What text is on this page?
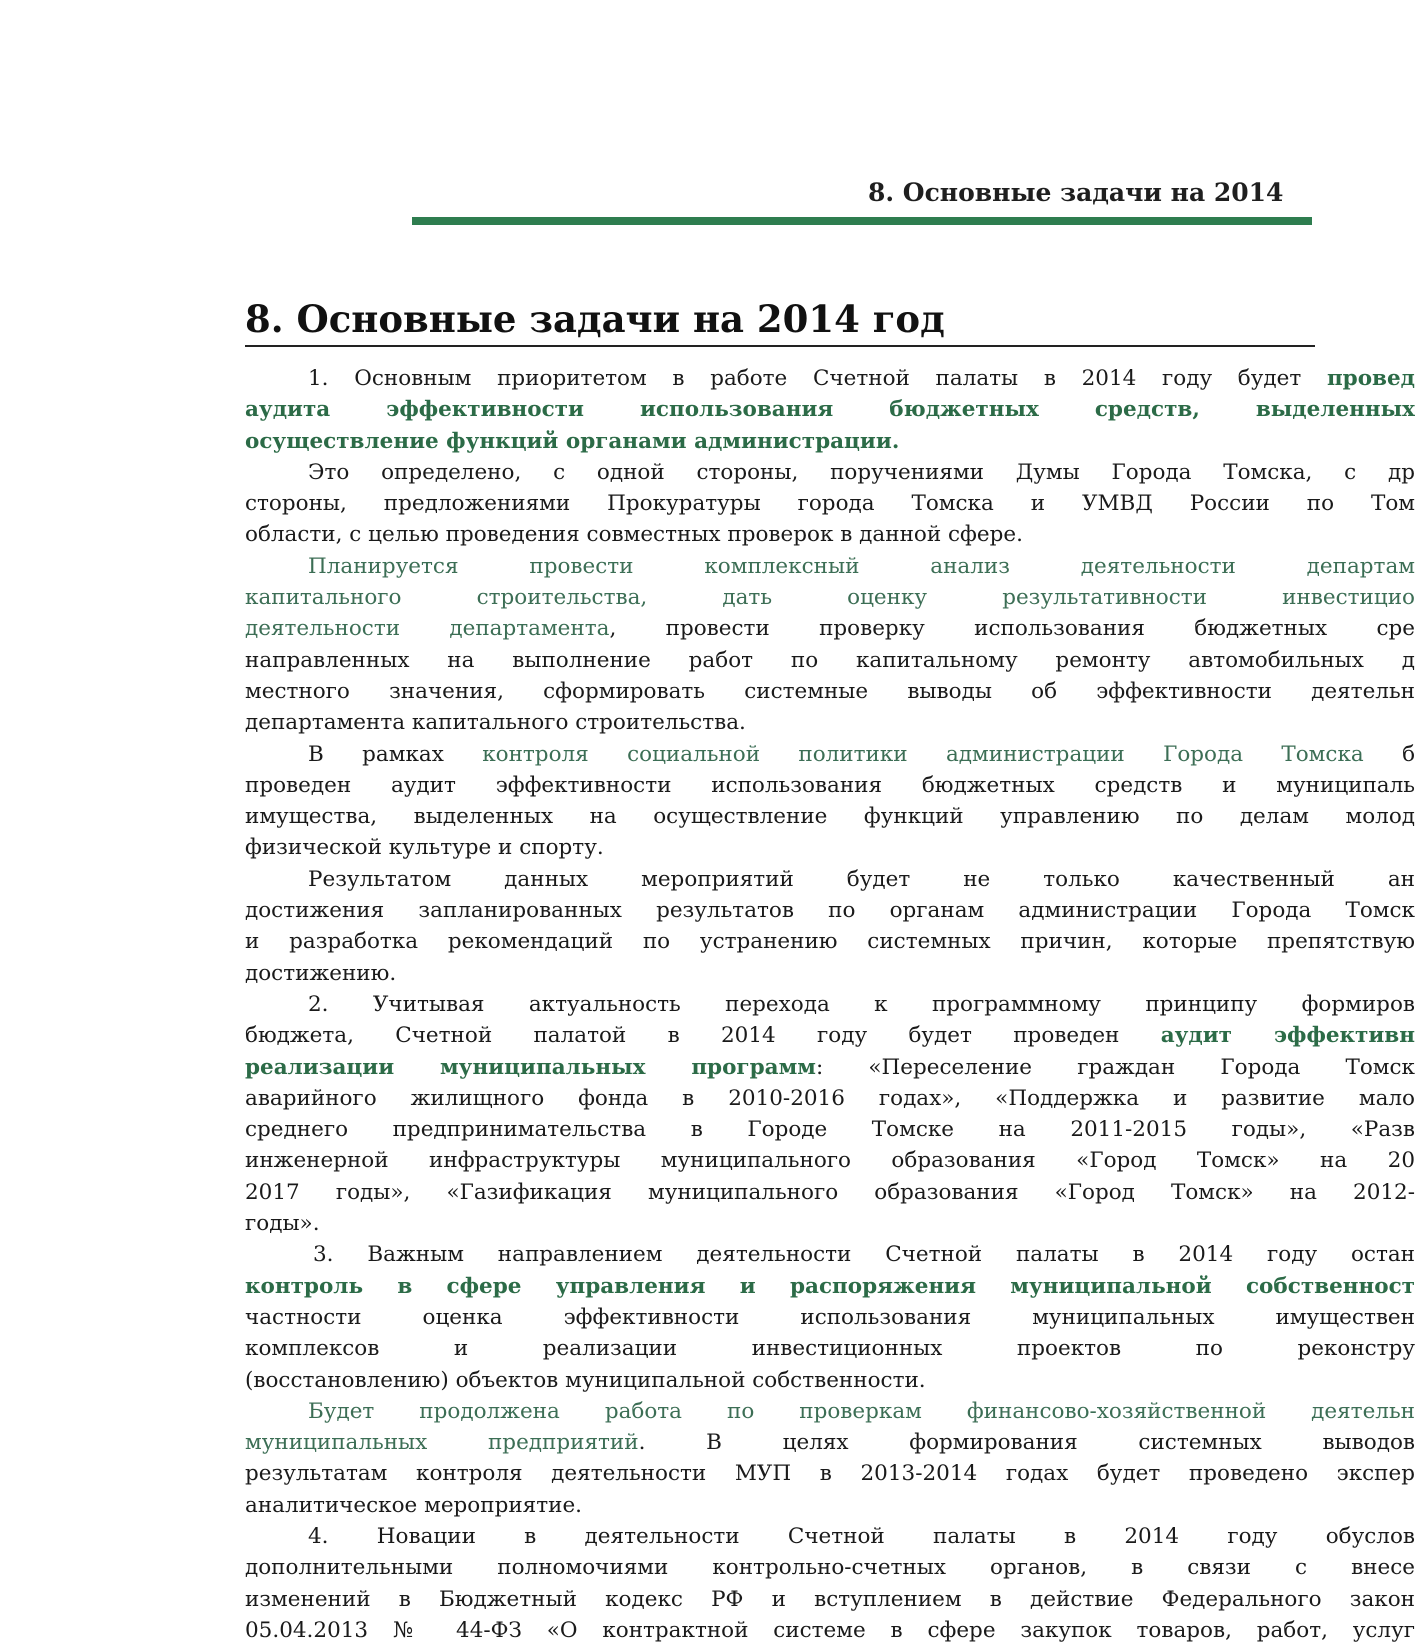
8. Основные задачи на 2014
8. Основные задачи на 2014 год
1. Основным приоритетом в работе Счетной палаты в 2014 году будет провед
аудита эффективности использования бюджетных средств, выделенных
осуществление функций органами администрации.
Это определено, с одной стороны, поручениями Думы Города Томска, с др
стороны, предложениями Прокуратуры города Томска и УМВД России по Том
области, с целью проведения совместных проверок в данной сфере.
Планируется провести комплексный анализ деятельности департам
капитального строительства, дать оценку результативности инвестицио
деятельности департамента, провести проверку использования бюджетных сре
направленных на выполнение работ по капитальному ремонту автомобильных д
местного значения, сформировать системные выводы об эффективности деятельн
департамента капитального строительства.
В рамках контроля социальной политики администрации Города Томска б
проведен аудит эффективности использования бюджетных средств и муниципаль
имущества, выделенных на осуществление функций управлению по делам молод
физической культуре и спорту.
Результатом данных мероприятий будет не только качественный ан
достижения запланированных результатов по органам администрации Города Томск
и разработка рекомендаций по устранению системных причин, которые препятствую
достижению.
2. Учитывая актуальность перехода к программному принципу формиров
бюджета, Счетной палатой в 2014 году будет проведен аудит эффективн
реализации муниципальных программ: «Переселение граждан Города Томск
аварийного жилищного фонда в 2010-2016 годах», «Поддержка и развитие мало
среднего предпринимательства в Городе Томске на 2011-2015 годы», «Разв
инженерной инфраструктуры муниципального образования «Город Томск» на 20
2017 годы», «Газификация муниципального образования «Город Томск» на 2012-
годы».
3. Важным направлением деятельности Счетной палаты в 2014 году остан
контроль в сфере управления и распоряжения муниципальной собственност
частности оценка эффективности использования муниципальных имуществен
комплексов и реализации инвестиционных проектов по реконстру
(восстановлению) объектов муниципальной собственности.
Будет продолжена работа по проверкам финансово-хозяйственной деятельн
муниципальных предприятий. В целях формирования системных выводов
результатам контроля деятельности МУП в 2013-2014 годах будет проведено экспер
аналитическое мероприятие.
4. Новации в деятельности Счетной палаты в 2014 году обуслов
дополнительными полномочиями контрольно-счетных органов, в связи с внесе
изменений в Бюджетный кодекс РФ и вступлением в действие Федерального закон
05.04.2013 № 44-ФЗ «О контрактной системе в сфере закупок товаров, работ, услуг
